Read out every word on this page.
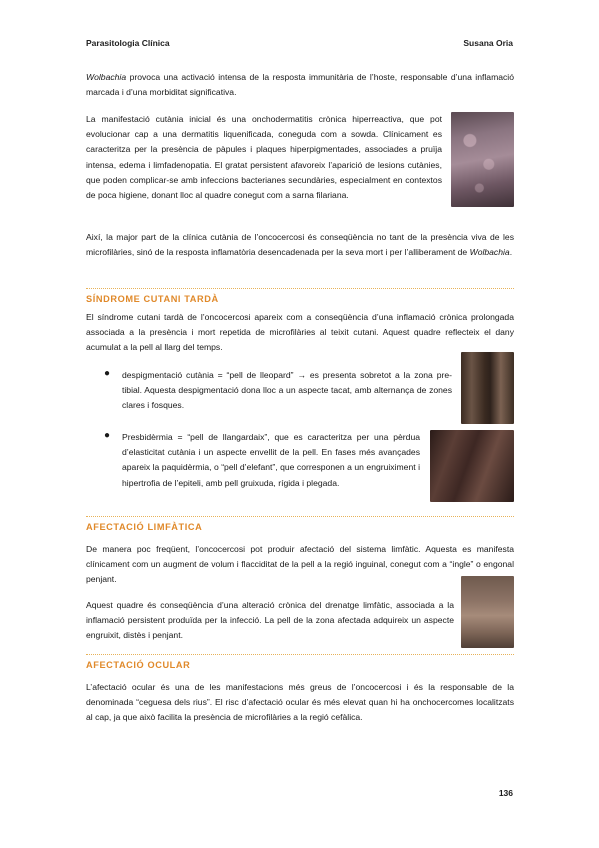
Parasitologia Clínica	Susana Oria

Wolbachia provoca una activació intensa de la resposta immunitària de l’hoste, responsable d’una inflamació marcada i d’una morbiditat significativa.

La manifestació cutània inicial és una onchodermatitis crònica hiperreactiva, que pot evolucionar cap a una dermatitis liquenificada, coneguda com a sowda. Clínicament es caracteritza per la presència de pàpules i plaques hiperpigmentades, associades a pruïja intensa, edema i limfadenopatia. El gratat persistent afavoreix l’aparició de lesions cutànies, que poden complicar-se amb infeccions bacterianes secundàries, especialment en contextos de poca higiene, donant lloc al quadre conegut com a sarna filariana.

Així, la major part de la clínica cutània de l’oncocercosi és conseqüència no tant de la presència viva de les microfilàries, sinó de la resposta inflamatòria desencadenada per la seva mort i per l’alliberament de Wolbachia.

SÍNDROME CUTANI TARDÀ

El síndrome cutani tardà de l’oncocercosi apareix com a conseqüència d’una inflamació crònica prolongada associada a la presència i mort repetida de microfilàries al teixit cutani. Aquest quadre reflecteix el dany acumulat a la pell al llarg del temps.

● despigmentació cutània = “pell de lleopard” → es presenta sobretot a la zona pre-tibial. Aquesta despigmentació dona lloc a un aspecte tacat, amb alternança de zones clares i fosques.

● Presbidèrmia = “pell de llangardaix”, que es caracteritza per una pèrdua d’elasticitat cutània i un aspecte envellit de la pell. En fases més avançades apareix la paquidèrmia, o “pell d’elefant”, que corresponen a un engruiximent i hipertrofia de l’epiteli, amb pell gruixuda, rígida i plegada.

AFECTACIÓ LIMFÀTICA

De manera poc freqüent, l’oncocercosi pot produir afectació del sistema limfàtic. Aquesta es manifesta clínicament com un augment de volum i flacciditat de la pell a la regió inguinal, conegut com a “ingle” o engonal penjant.

Aquest quadre és conseqüència d’una alteració crònica del drenatge limfàtic, associada a la inflamació persistent produïda per la infecció. La pell de la zona afectada adquireix un aspecte engruixit, distès i penjant.

AFECTACIÓ OCULAR

L’afectació ocular és una de les manifestacions més greus de l’oncocercosi i és la responsable de la denominada “ceguesa dels rius”. El risc d’afectació ocular és més elevat quan hi ha onchocercomes localitzats al cap, ja que això facilita la presència de microfilàries a la regió cefàlica.

136
